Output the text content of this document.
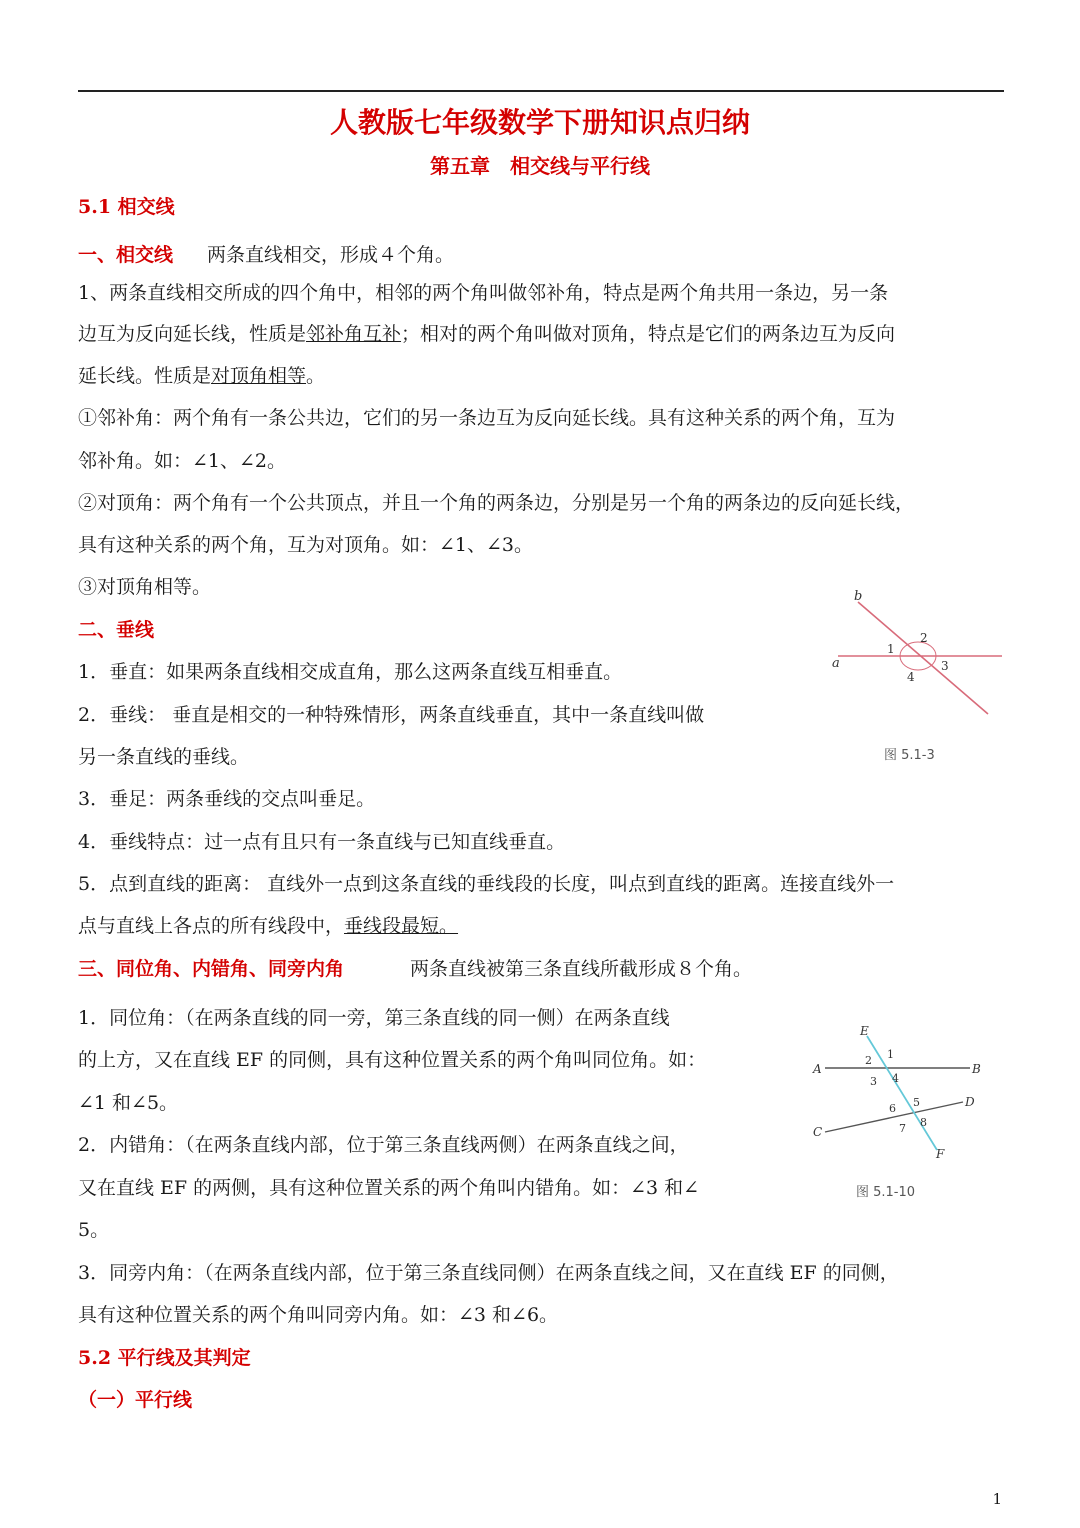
人教版七年级数学下册知识点归纳
第五章　相交线与平行线
5.1 相交线
一、相交线 两条直线相交，形成４个角。
1、两条直线相交所成的四个角中，相邻的两个角叫做邻补角，特点是两个角共用一条边，另一条
边互为反向延长线，性质是邻补角互补；相对的两个角叫做对顶角，特点是它们的两条边互为反向
延长线。性质是对顶角相等。
①邻补角：两个角有一条公共边，它们的另一条边互为反向延长线。具有这种关系的两个角，互为
邻补角。如：∠1、∠2。
②对顶角：两个角有一个公共顶点，并且一个角的两条边，分别是另一个角的两条边的反向延长线，
具有这种关系的两个角，互为对顶角。如：∠1、∠3。
③对顶角相等。
二、垂线
1．垂直：如果两条直线相交成直角，那么这两条直线互相垂直。
2．垂线： 垂直是相交的一种特殊情形，两条直线垂直，其中一条直线叫做
另一条直线的垂线。
3．垂足：两条垂线的交点叫垂足。
4．垂线特点：过一点有且只有一条直线与已知直线垂直。
5．点到直线的距离： 直线外一点到这条直线的垂线段的长度，叫点到直线的距离。连接直线外一
点与直线上各点的所有线段中，垂线段最短。
三、同位角、内错角、同旁内角	两条直线被第三条直线所截形成８个角。
1．同位角：（在两条直线的同一旁，第三条直线的同一侧）在两条直线
的上方，又在直线 EF 的同侧，具有这种位置关系的两个角叫同位角。如：
∠1 和∠5。
2．内错角：（在两条直线内部，位于第三条直线两侧）在两条直线之间，
又在直线 EF 的两侧，具有这种位置关系的两个角叫内错角。如：∠3 和∠
5。
3．同旁内角：（在两条直线内部，位于第三条直线同侧）在两条直线之间，又在直线 EF 的同侧，
具有这种位置关系的两个角叫同旁内角。如：∠3 和∠6。
5.2 平行线及其判定
（一）平行线
a
b
1
2
3
4
图 5.1-3
A	B
C
D
E
F
2 1
3 4
6 5
7 8
图 5.1-10
1
